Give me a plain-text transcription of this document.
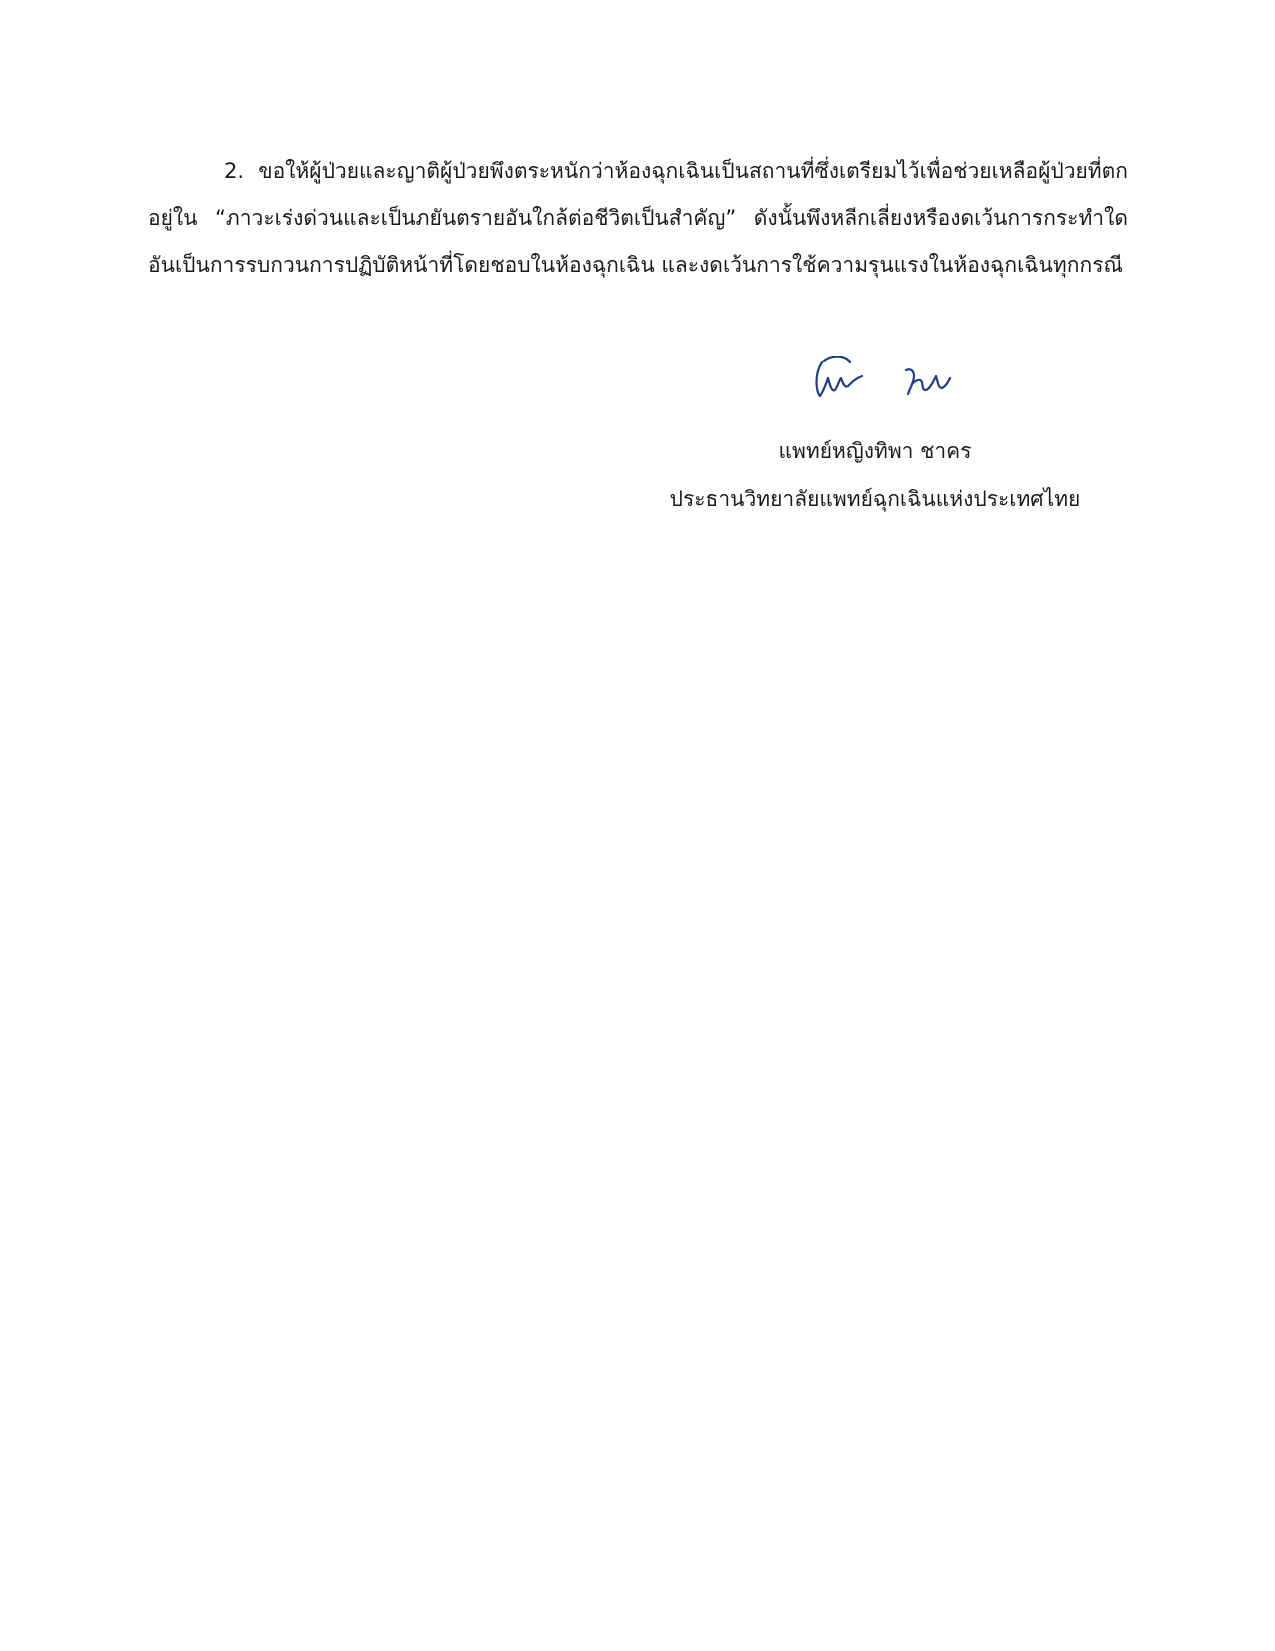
2. ขอให้ผู้ป่วยและญาติผู้ป่วยพึงตระหนักว่าห้องฉุกเฉินเป็นสถานที่ซึ่งเตรียมไว้เพื่อช่วยเหลือผู้ป่วยที่ตกอยู่ใน “ภาวะเร่งด่วนและเป็นภยันตรายอันใกล้ต่อชีวิตเป็นสำคัญ” ดังนั้นพึงหลีกเลี่ยงหรืองดเว้นการกระทำใดอันเป็นการรบกวนการปฏิบัติหน้าที่โดยชอบในห้องฉุกเฉิน และงดเว้นการใช้ความรุนแรงในห้องฉุกเฉินทุกกรณี

แพทย์หญิงทิพา ชาคร
ประธานวิทยาลัยแพทย์ฉุกเฉินแห่งประเทศไทย
